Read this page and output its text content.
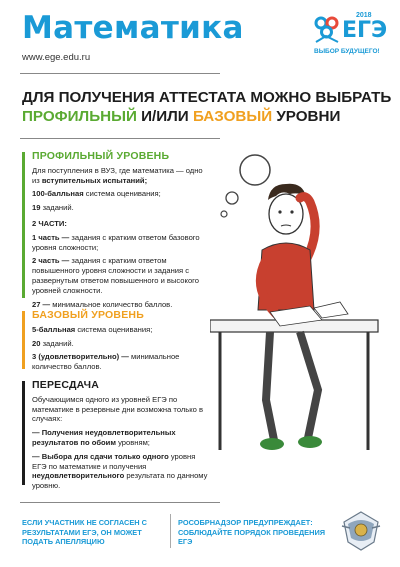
Математика
www.ege.edu.ru
2018
ЕГЭ
ВЫБОР БУДУЩЕГО!
ДЛЯ ПОЛУЧЕНИЯ АТТЕСТАТА МОЖНО ВЫБРАТЬ
ПРОФИЛЬНЫЙ И/ИЛИ БАЗОВЫЙ УРОВНИ
ПРОФИЛЬНЫЙ УРОВЕНЬ
Для поступления в ВУЗ, где математика — одно из вступительных испытаний;
100-балльная система оценивания;
19 заданий.
2 ЧАСТИ:
1 часть — задания с кратким ответом базового уровня сложности;
2 часть — задания с кратким ответом повышенного уровня сложности и задания с развернутым ответом повышенного и высокого уровней сложности.
27 — минимальное количество баллов.
БАЗОВЫЙ УРОВЕНЬ
5-балльная система оценивания;
20 заданий.
3 (удовлетворительно) — минимальное количество баллов.
ПЕРЕСДАЧА
Обучающимся одного из уровней ЕГЭ по математике в резервные дни возможна только в случаях:
— Получения неудовлетворительных результатов по обоим уровням;
— Выбора для сдачи только одного уровня ЕГЭ по математике и получения неудовлетворительного результата по данному уровню.
ЕСЛИ УЧАСТНИК НЕ СОГЛАСЕН С РЕЗУЛЬТАТАМИ ЕГЭ, ОН МОЖЕТ ПОДАТЬ АПЕЛЛЯЦИЮ
РОСОБРНАДЗОР ПРЕДУПРЕЖДАЕТ: СОБЛЮДАЙТЕ ПОРЯДОК ПРОВЕДЕНИЯ ЕГЭ
